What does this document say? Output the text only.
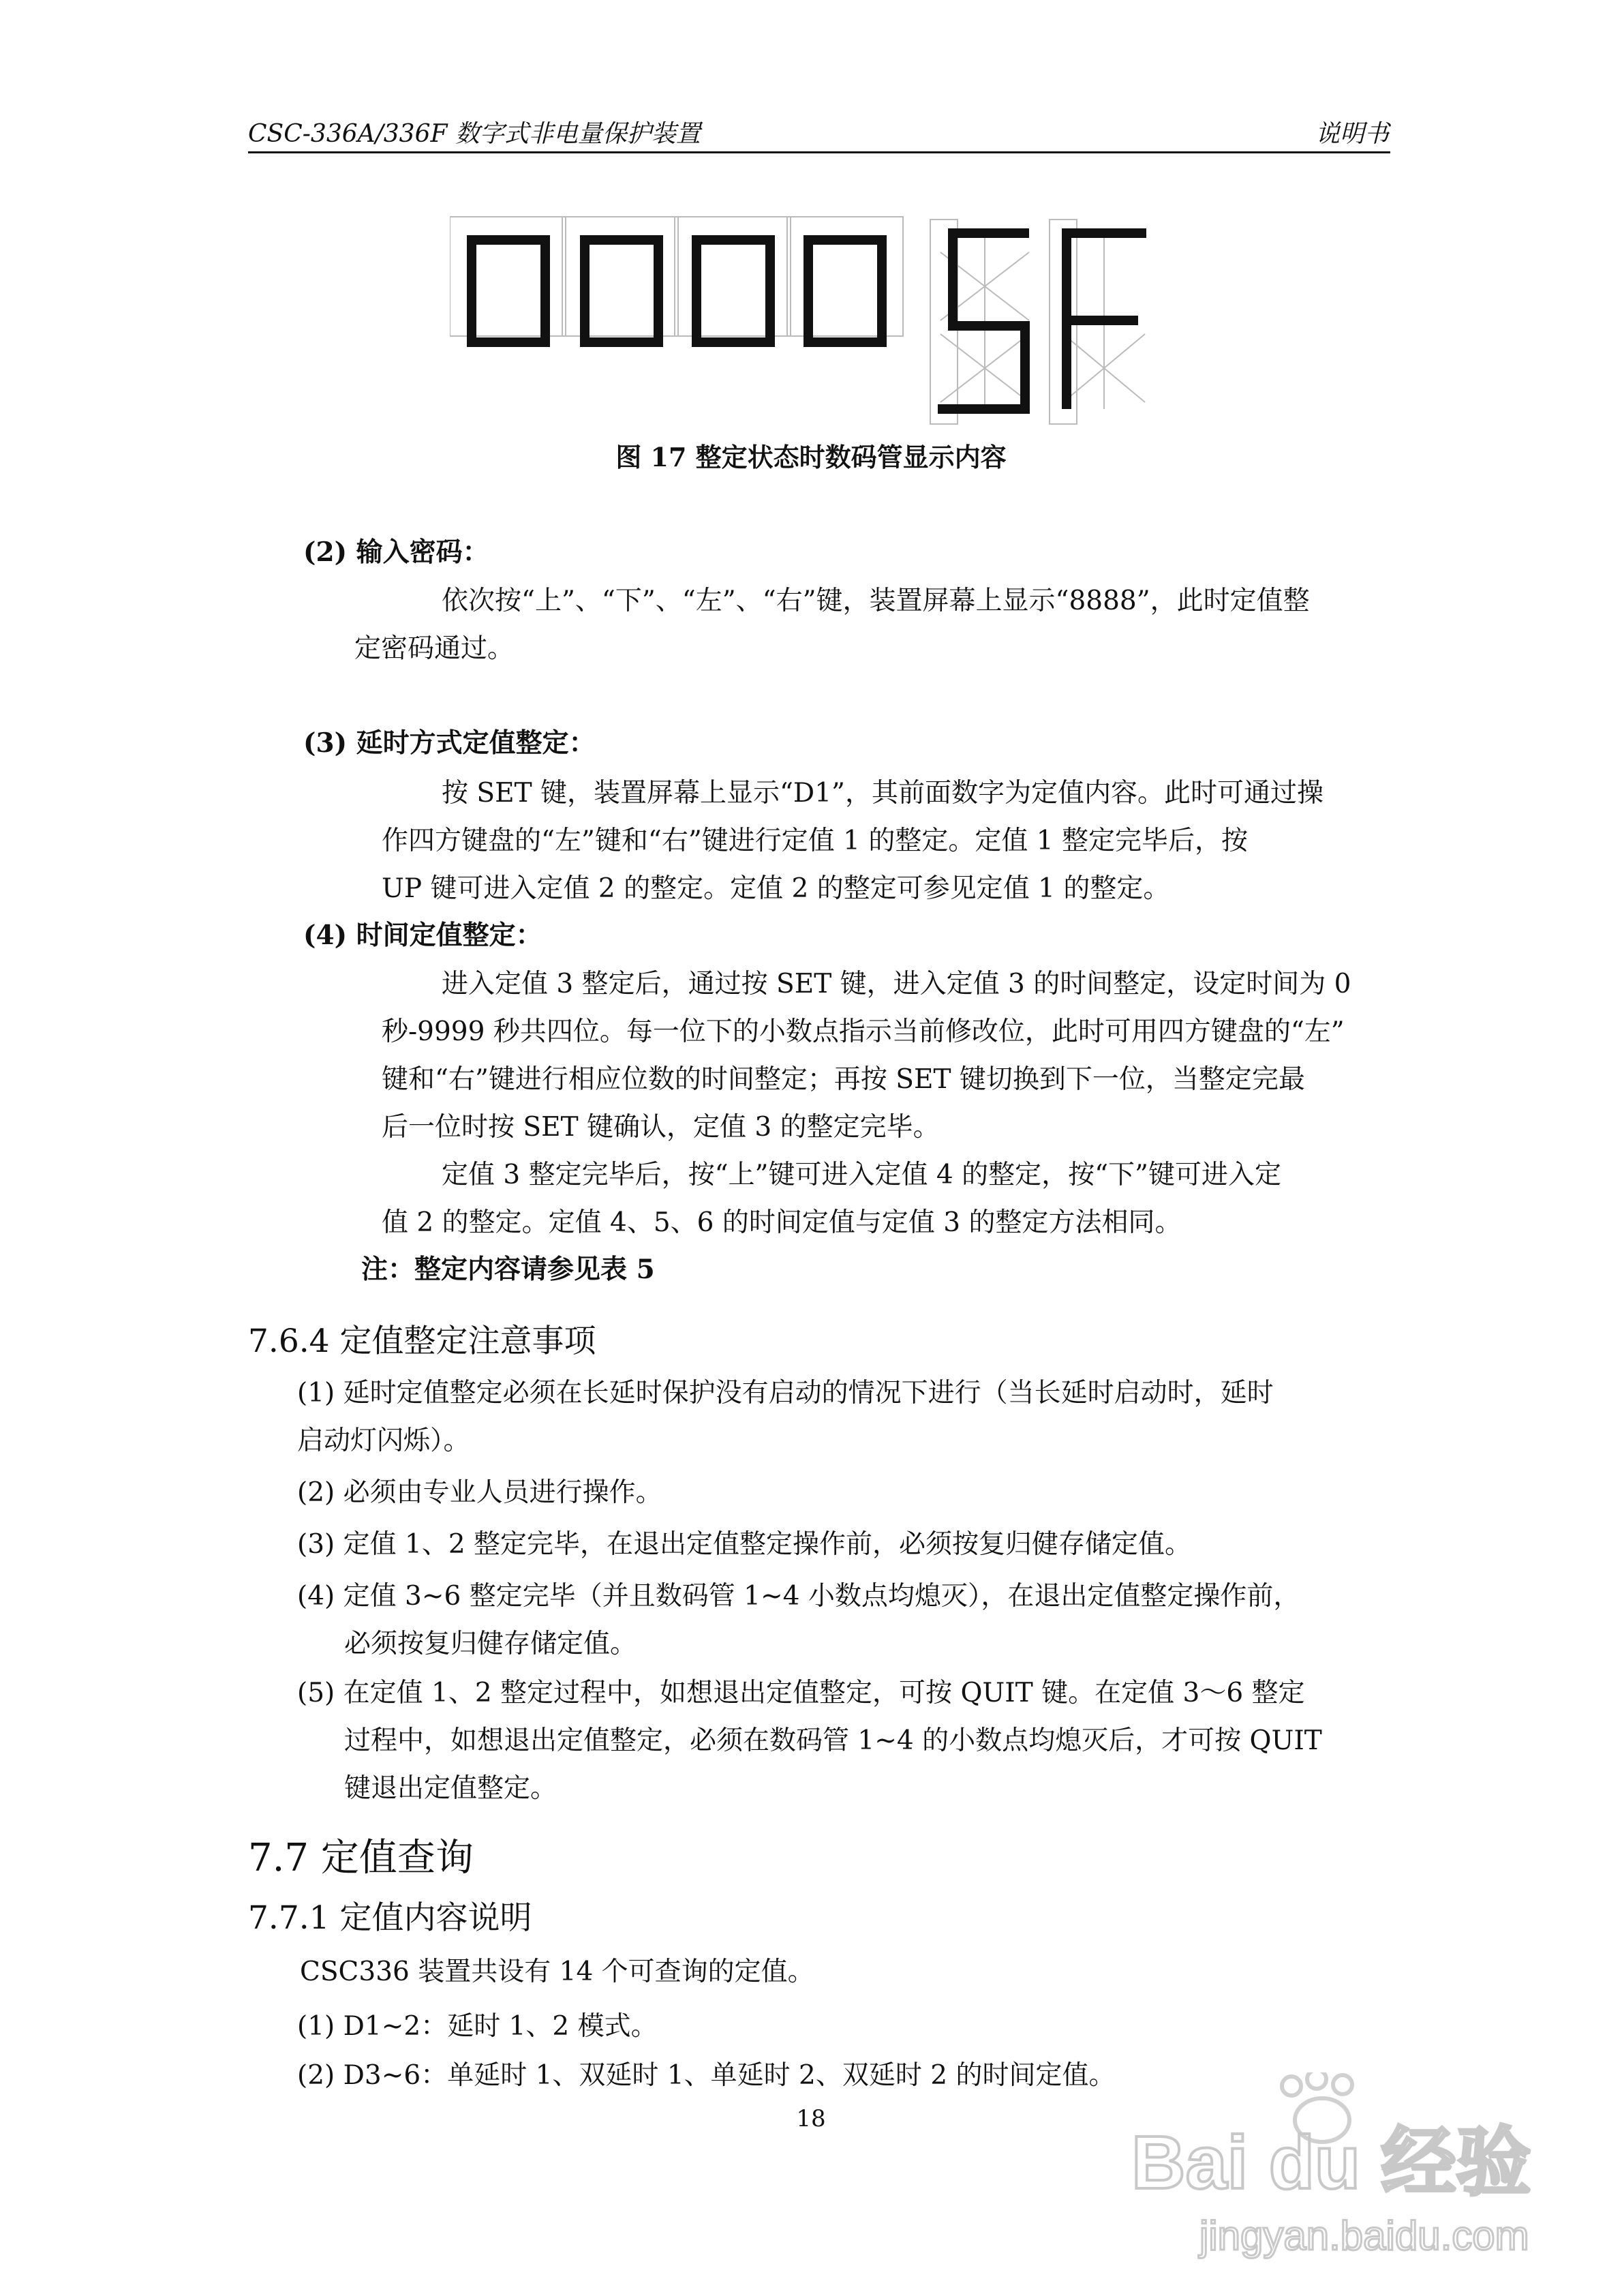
CSC-336A/336F 数字式非电量保护装置	说明书
图 17 整定状态时数码管显示内容
(2) 输入密码：
依次按“上”、“下”、“左”、“右”键，装置屏幕上显示“8888”，此时定值整
定密码通过。
(3) 延时方式定值整定：
按 SET 键，装置屏幕上显示“D1”，其前面数字为定值内容。此时可通过操
作四方键盘的“左”键和“右”键进行定值 1 的整定。定值 1 整定完毕后，按
UP 键可进入定值 2 的整定。定值 2 的整定可参见定值 1 的整定。
(4) 时间定值整定：
进入定值 3 整定后，通过按 SET 键，进入定值 3 的时间整定，设定时间为 0
秒-9999 秒共四位。每一位下的小数点指示当前修改位，此时可用四方键盘的“左”
键和“右”键进行相应位数的时间整定；再按 SET 键切换到下一位，当整定完最
后一位时按 SET 键确认，定值 3 的整定完毕。
定值 3 整定完毕后，按“上”键可进入定值 4 的整定，按“下”键可进入定
值 2 的整定。定值 4、5、6 的时间定值与定值 3 的整定方法相同。
注：整定内容请参见表 5
7.6.4 定值整定注意事项
(1) 延时定值整定必须在长延时保护没有启动的情况下进行（当长延时启动时，延时
启动灯闪烁）。
(2) 必须由专业人员进行操作。
(3) 定值 1、2 整定完毕，在退出定值整定操作前，必须按复归健存储定值。
(4) 定值 3~6 整定完毕（并且数码管 1~4 小数点均熄灭），在退出定值整定操作前，
必须按复归健存储定值。
(5) 在定值 1、2 整定过程中，如想退出定值整定，可按 QUIT 键。在定值 3～6 整定
过程中，如想退出定值整定，必须在数码管 1~4 的小数点均熄灭后，才可按 QUIT
键退出定值整定。
7.7 定值查询
7.7.1 定值内容说明
CSC336 装置共设有 14 个可查询的定值。
(1) D1~2：延时 1、2 模式。
(2) D3~6：单延时 1、双延时 1、单延时 2、双延时 2 的时间定值。
18
Bai du 经验
jingyan.baidu.com
